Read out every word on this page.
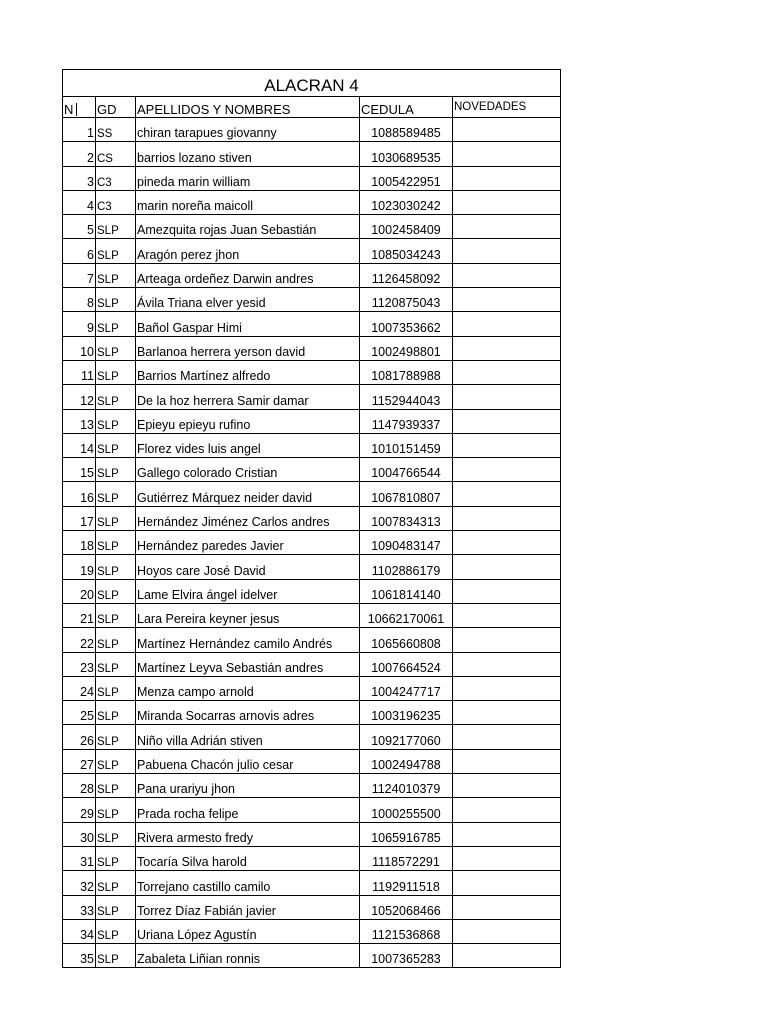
ALACRAN 4				
N	GD	APELLIDOS Y NOMBRES	CEDULA	NOVEDADES
1	SS	chiran tarapues giovanny	1088589485	
2	CS	barrios lozano stiven	1030689535	
3	C3	pineda marin william	1005422951	
4	C3	marin noreña maicoll	1023030242	
5	SLP	Amezquita rojas Juan Sebastián	1002458409	
6	SLP	Aragón perez jhon	1085034243	
7	SLP	Arteaga ordeñez Darwin andres	1126458092	
8	SLP	Ávila Triana elver yesid	1120875043	
9	SLP	Bañol Gaspar Himi	1007353662	
10	SLP	Barlanoa herrera yerson david	1002498801	
11	SLP	Barrios Martínez alfredo	1081788988	
12	SLP	De la hoz herrera Samir damar	1152944043	
13	SLP	Epieyu epieyu rufino	1147939337	
14	SLP	Florez vides luis angel	1010151459	
15	SLP	Gallego colorado Cristian	1004766544	
16	SLP	Gutiérrez Márquez neider david	1067810807	
17	SLP	Hernández Jiménez Carlos andres	1007834313	
18	SLP	Hernández paredes Javier	1090483147	
19	SLP	Hoyos care José David	1102886179	
20	SLP	Lame Elvira ángel idelver	1061814140	
21	SLP	Lara Pereira keyner jesus	10662170061	
22	SLP	Martínez Hernández camilo Andrés	1065660808	
23	SLP	Martínez Leyva Sebastián andres	1007664524	
24	SLP	Menza campo arnold	1004247717	
25	SLP	Miranda Socarras arnovis adres	1003196235	
26	SLP	Niño villa Adrián stiven	1092177060	
27	SLP	Pabuena Chacón julio cesar	1002494788	
28	SLP	Pana urariyu jhon	1124010379	
29	SLP	Prada rocha felipe	1000255500	
30	SLP	Rivera armesto fredy	1065916785	
31	SLP	Tocaría Silva harold	1118572291	
32	SLP	Torrejano castillo camilo	1192911518	
33	SLP	Torrez Díaz Fabián javier	1052068466	
34	SLP	Uriana López Agustín	1121536868	
35	SLP	Zabaleta Liñian ronnis	1007365283	
